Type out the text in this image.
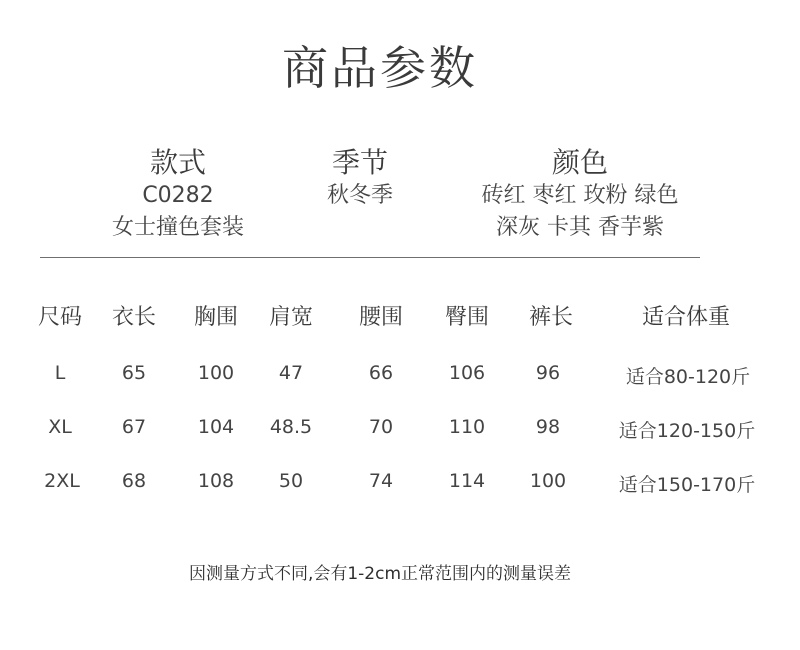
商品参数
款式
C0282
女士撞色套装
季节
秋冬季
颜色
砖红 枣红 玫粉 绿色
深灰 卡其 香芋紫
尺码 衣长 胸围 肩宽 腰围 臀围 裤长	适合体重
L	65	100 47	66	106	96	适合80-120斤
XL	67	104 48.5	70	110	98	适合120-150斤
2XL 68	108 50	74	114 100	适合150-170斤
因测量方式不同,会有1-2cm正常范围内的测量误差
